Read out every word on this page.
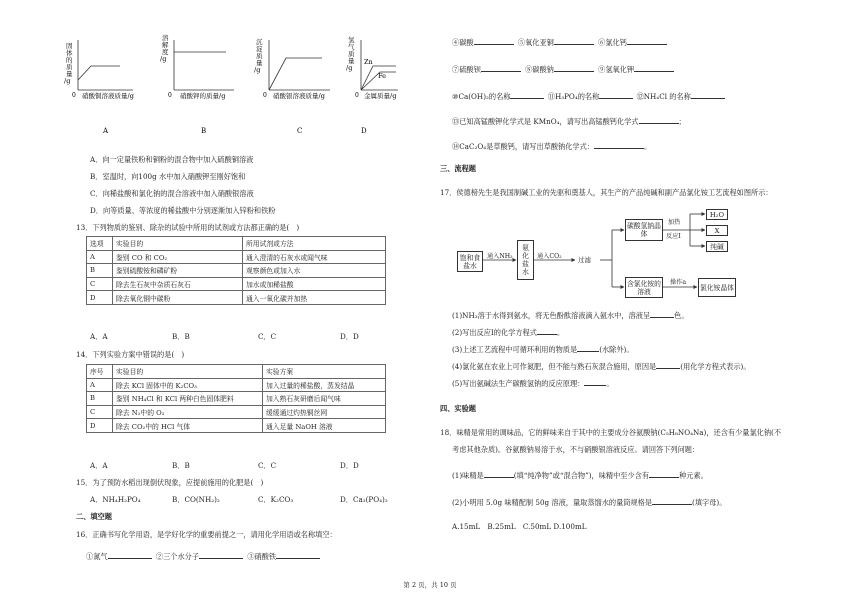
固体的质量/g
0 硝酸铜溶液质量/g
A
溶解度/g
0 硝酸钾的质量/g
B
沉淀质量/g
0 硝酸银溶液质量/g
C
氢气质量/g
Zn
Fe
0 金属质量/g
D
A．向一定量铁粉和铜粉的混合物中加入硫酸铜溶液
B．室温时，向100g 水中加入硝酸钾至刚好饱和
C．向稀盐酸和氯化钠的混合溶液中加入硝酸银溶液
D．向等质量、等浓度的稀盐酸中分别逐渐加入锌粉和铁粉
13．下列物质的鉴别、除杂的试验中所用的试剂或方法都正确的是(　)
选项	实验目的	所用试剂或方法
A	鉴别 CO 和 CO₂	通入澄清的石灰水或闻气味
B	鉴别硫酸铵和磷矿粉	观察颜色或加入水
C	除去生石灰中杂质石灰石	加水或加稀盐酸
D	除去氧化铜中碳粉	通入一氧化碳并加热
A．A	B．B	C．C	D．D
14．下列实验方案中错误的是(　)
序号	实验目的	实验方案
A	除去 KCl 固体中的 K₂CO₃	加入过量的稀盐酸，蒸发结晶
B	鉴别 NH₄Cl 和 KCl 两种白色固体肥料	加入熟石灰研磨后闻气味
C	除去 N₂中的 O₂	缓缓通过灼热铜丝网
D	除去 CO₂中的 HCl 气体	通入足量 NaOH 溶液
A．A	B．B	C．C	D．D
15．为了预防水稻出现倒伏现象，应提前施用的化肥是(　)
A．NH₄H₂PO₄	B．CO(NH₂)₂	C．K₂CO₃	D．Ca₃(PO₄)₂
二、填空题
16．正确书写化学用语，是学好化学的重要前提之一，请用化学用语或名称填空：
①氮气	②三个水分子	③硝酸铁
④碳酸	⑤氧化亚铜	⑥氯化钙
⑦硫酸钡	⑧碳酸钠	⑨氢氧化钾
⑩Ca(OH)₂的名称	⑪H₃PO₄的名称	⑫NH₄Cl 的名称
⑬已知高锰酸钾化学式是 KMnO₄，请写出高锰酸钙化学式	；
⑭CaC₂O₄是草酸钙，请写出草酸钠化学式：	。
三、流程题
17．侯德榜先生是我国制碱工业的先驱和奠基人，其生产的产品纯碱和副产品氯化铵工艺流程如图所示：
饱和食盐水
通入NH₃
氨化盐水
通入CO₂	过滤
碳酸氢钠晶体
加热
反应Ⅰ
H₂O
X
纯碱
含氯化铵的溶液
操作a
氯化铵晶体
(1)NH₃溶于水得到氨水，将无色酚酞溶液滴入氨水中，溶液呈	色。
(2)写出反应Ⅰ的化学方程式	。
(3)上述工艺流程中可循环利用的物质是	(水除外)。
(4)氯化氨在农业上可作氮肥，但不能与熟石灰混合施用，原因是	(用化学方程式表示)。
(5)写出氨碱法生产碳酸氢钠的反应原理：	。
四、实验题
18．味精是常用的调味品，它的鲜味来自于其中的主要成分谷氨酸钠(C₅H₈NO₄Na)，还含有少量氯化钠(不
考虑其他杂质)。谷氨酸钠易溶于水，不与硝酸银溶液反应。请回答下列问题：
(1)味精是	(填“纯净物”或“混合物”)，味精中至少含有	种元素。
(2)小明用 5.0g 味精配制 50g 溶液，量取蒸馏水的量筒规格是	(填字母)。
A.15mL　B.25mL　C.50mL D.100mL
第 2 页，共 10 页
